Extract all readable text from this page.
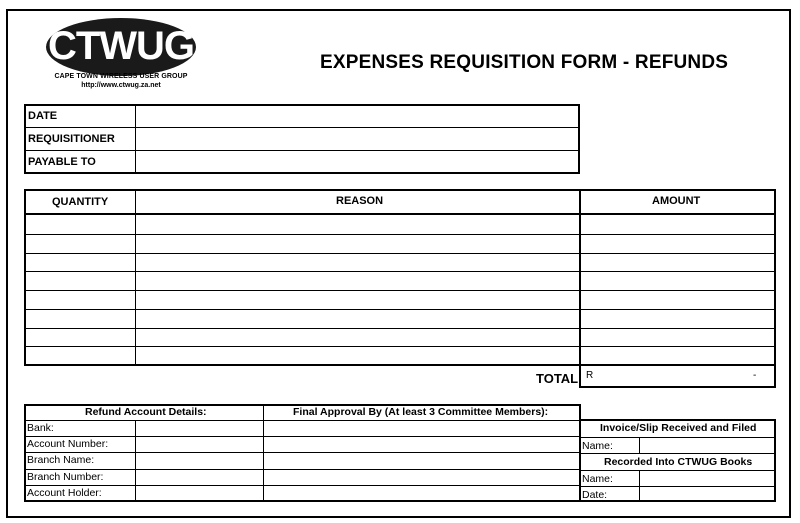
CTWUG
CAPE TOWN WIRELESS USER GROUP
http://www.ctwug.za.net
EXPENSES REQUISITION FORM - REFUNDS
DATE
REQUISITIONER
PAYABLE TO
QUANTITY	REASON	AMOUNT
TOTAL R	-
Refund Account Details:	Final Approval By (At least 3 Committee Members):
Bank:
Account Number:
Branch Name:
Branch Number:
Account Holder:
Invoice/Slip Received and Filed
Name:
Recorded Into CTWUG Books
Name:
Date:
